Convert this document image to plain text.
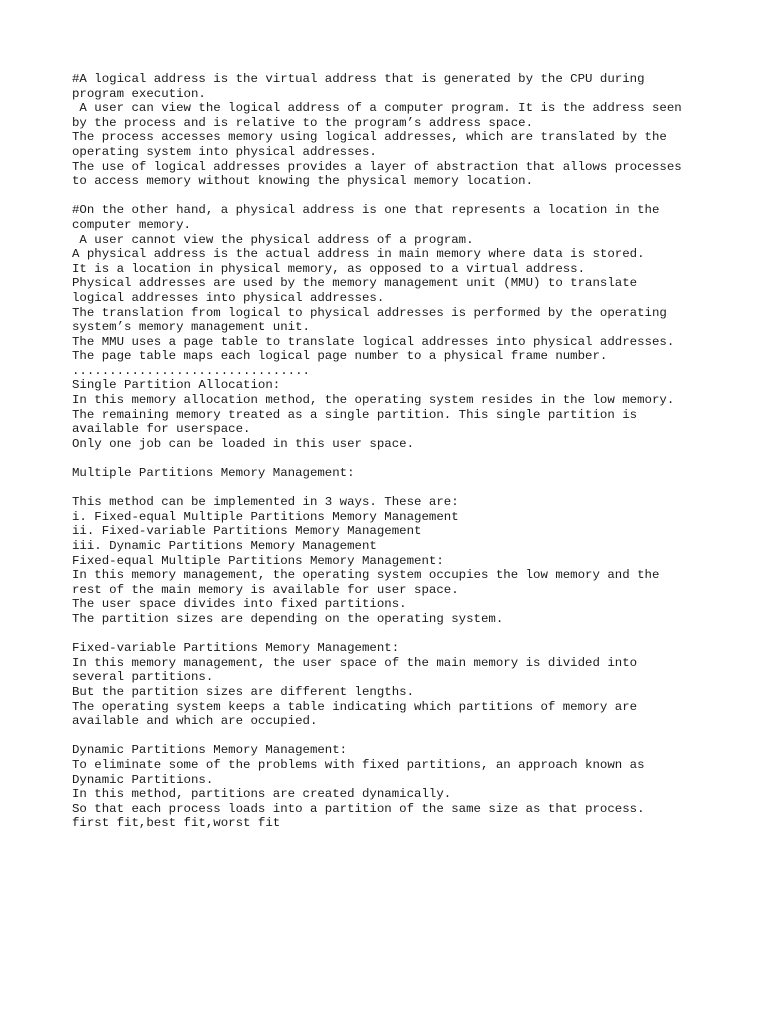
#A logical address is the virtual address that is generated by the CPU during
program execution.
A user can view the logical address of a computer program. It is the address seen
by the process and is relative to the program’s address space.
The process accesses memory using logical addresses, which are translated by the
operating system into physical addresses.
The use of logical addresses provides a layer of abstraction that allows processes
to access memory without knowing the physical memory location.
#On the other hand, a physical address is one that represents a location in the
computer memory.
A user cannot view the physical address of a program.
A physical address is the actual address in main memory where data is stored.
It is a location in physical memory, as opposed to a virtual address.
Physical addresses are used by the memory management unit (MMU) to translate
logical addresses into physical addresses.
The translation from logical to physical addresses is performed by the operating
system’s memory management unit.
The MMU uses a page table to translate logical addresses into physical addresses.
The page table maps each logical page number to a physical frame number.
................................
Single Partition Allocation:
In this memory allocation method, the operating system resides in the low memory.
The remaining memory treated as a single partition. This single partition is
available for userspace.
Only one job can be loaded in this user space.
Multiple Partitions Memory Management:
This method can be implemented in 3 ways. These are:
i. Fixed-equal Multiple Partitions Memory Management
ii. Fixed-variable Partitions Memory Management
iii. Dynamic Partitions Memory Management
Fixed-equal Multiple Partitions Memory Management:
In this memory management, the operating system occupies the low memory and the
rest of the main memory is available for user space.
The user space divides into fixed partitions.
The partition sizes are depending on the operating system.
Fixed-variable Partitions Memory Management:
In this memory management, the user space of the main memory is divided into
several partitions.
But the partition sizes are different lengths.
The operating system keeps a table indicating which partitions of memory are
available and which are occupied.
Dynamic Partitions Memory Management:
To eliminate some of the problems with fixed partitions, an approach known as
Dynamic Partitions.
In this method, partitions are created dynamically.
So that each process loads into a partition of the same size as that process.
first fit,best fit,worst fit
